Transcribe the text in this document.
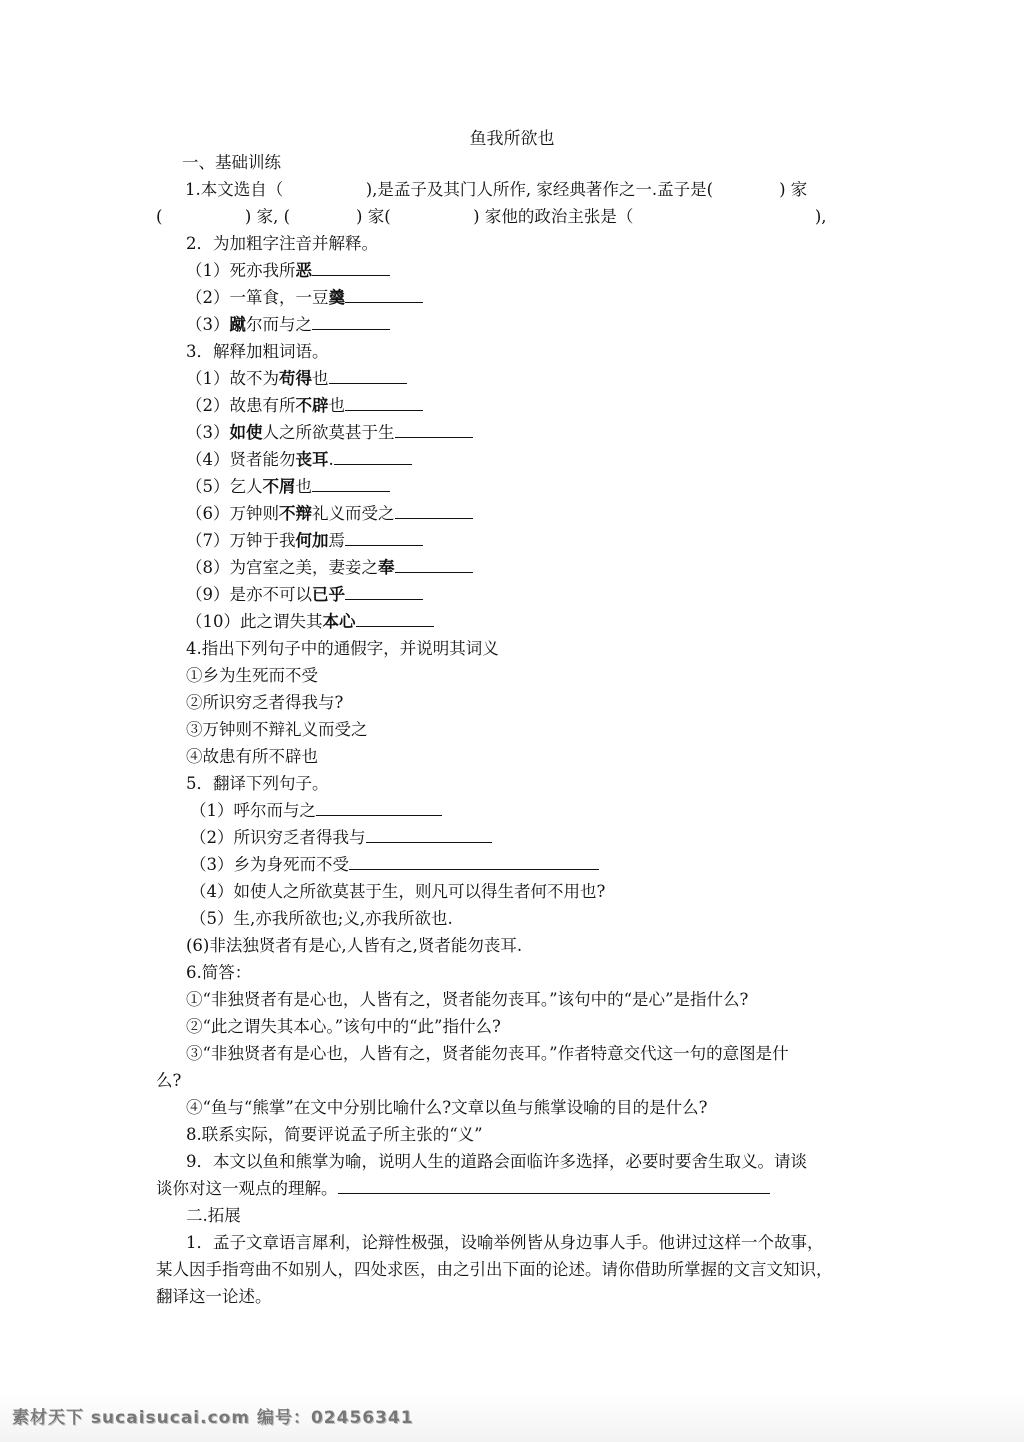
鱼我所欲也
一、基础训练
1.本文选自（　　　　　),是孟子及其门人所作, 家经典著作之一.孟子是(　　　　) 家
(　　　　　) 家, (　　　　) 家(　　　　　) 家他的政治主张是（　　　　　　　　　　　),
2．为加粗字注音并解释。
（1）死亦我所恶
（2）一箪食，一豆羹
（3）蹴尔而与之
3．解释加粗词语。
（1）故不为苟得也
（2）故患有所不辟也
（3）如使人之所欲莫甚于生
（4）贤者能勿丧耳.
（5）乞人不屑也
（6）万钟则不辩礼义而受之
（7）万钟于我何加焉
（8）为宫室之美，妻妾之奉
（9）是亦不可以已乎
（10）此之谓失其本心
4.指出下列句子中的通假字，并说明其词义
①乡为生死而不受
②所识穷乏者得我与?
③万钟则不辩礼义而受之
④故患有所不辟也
5．翻译下列句子。
（1）呼尔而与之
（2）所识穷乏者得我与
（3）乡为身死而不受
（4）如使人之所欲莫甚于生，则凡可以得生者何不用也?
（5）生,亦我所欲也;义,亦我所欲也.
(6)非法独贤者有是心,人皆有之,贤者能勿丧耳.
6.简答：
①“非独贤者有是心也，人皆有之，贤者能勿丧耳。”该句中的“是心”是指什么?
②“此之谓失其本心。”该句中的“此”指什么?
③“非独贤者有是心也，人皆有之，贤者能勿丧耳。”作者特意交代这一句的意图是什
么?
④“鱼与“熊掌”在文中分别比喻什么?文章以鱼与熊掌设喻的目的是什么?
8.联系实际，简要评说孟子所主张的“义”
9．本文以鱼和熊掌为喻，说明人生的道路会面临许多选择，必要时要舍生取义。请谈
谈你对这一观点的理解。
二.拓展
1．孟子文章语言犀利，论辩性极强，设喻举例皆从身边事人手。他讲过这样一个故事，
某人因手指弯曲不如别人，四处求医，由之引出下面的论述。请你借助所掌握的文言文知识，
翻译这一论述。
素材天下 sucaisucai.com 编号：02456341
